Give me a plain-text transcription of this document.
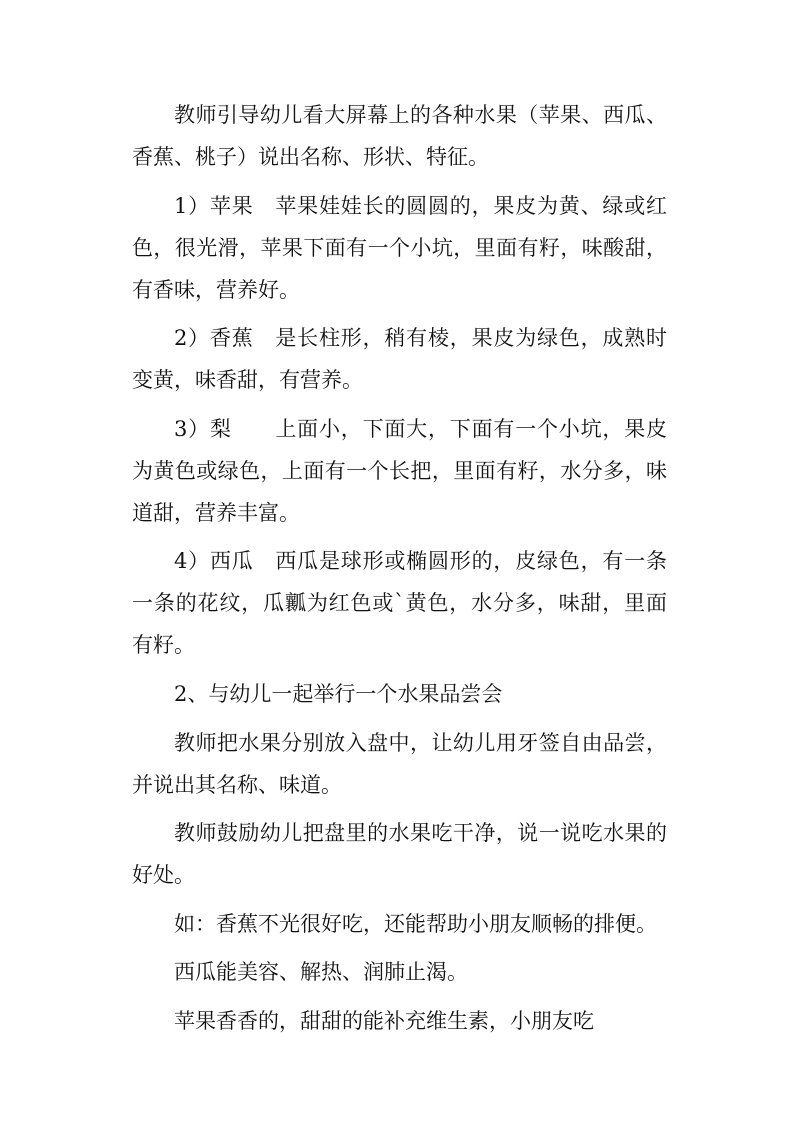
教师引导幼儿看大屏幕上的各种水果（苹果、西瓜、香蕉、桃子）说出名称、形状、特征。

1）苹果　苹果娃娃长的圆圆的，果皮为黄、绿或红色，很光滑，苹果下面有一个小坑，里面有籽，味酸甜，有香味，营养好。

2）香蕉　是长柱形，稍有棱，果皮为绿色，成熟时变黄，味香甜，有营养。

3）梨　　上面小，下面大，下面有一个小坑，果皮为黄色或绿色，上面有一个长把，里面有籽，水分多，味道甜，营养丰富。

4）西瓜　西瓜是球形或椭圆形的，皮绿色，有一条一条的花纹，瓜瓤为红色或`黄色，水分多，味甜，里面有籽。

2、与幼儿一起举行一个水果品尝会

教师把水果分别放入盘中，让幼儿用牙签自由品尝，并说出其名称、味道。

教师鼓励幼儿把盘里的水果吃干净，说一说吃水果的好处。

如：香蕉不光很好吃，还能帮助小朋友顺畅的排便。

西瓜能美容、解热、润肺止渴。

苹果香香的，甜甜的能补充维生素，小朋友吃
